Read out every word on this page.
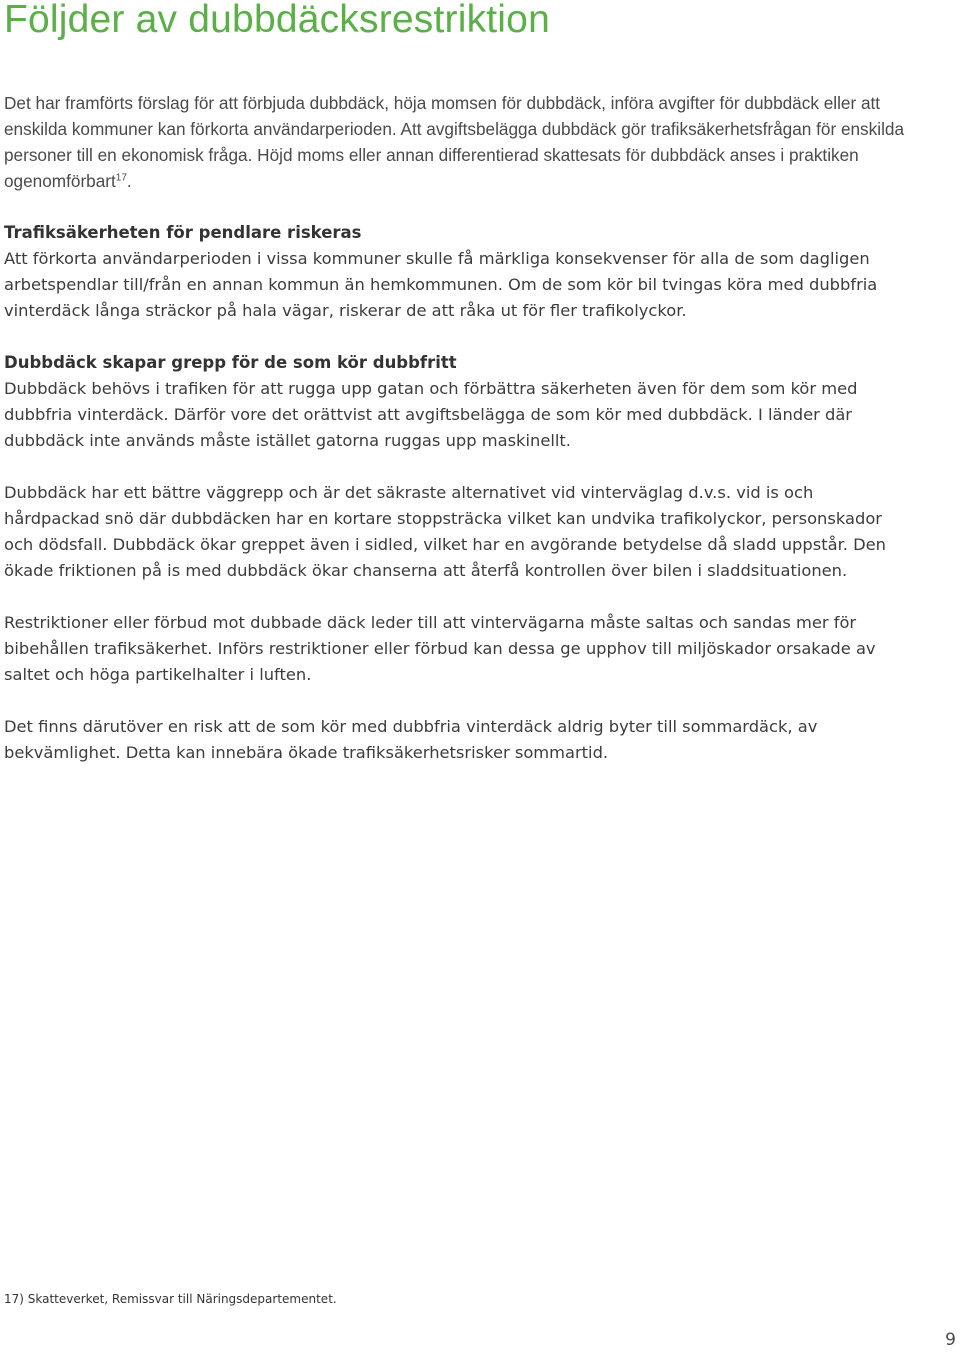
Följder av dubbdäcksrestriktion

Det har framförts förslag för att förbjuda dubbdäck, höja momsen för dubbdäck, införa avgifter för dubbdäck eller att enskilda kommuner kan förkorta användarperioden. Att avgiftsbelägga dubbdäck gör trafiksäkerhetsfrågan för enskilda personer till en ekonomisk fråga. Höjd moms eller annan differentierad skattesats för dubbdäck anses i praktiken ogenomförbart$^{17}$.

Trafiksäkerheten för pendlare riskeras

Att förkorta användarperioden i vissa kommuner skulle få märkliga konsekvenser för alla de som dagligen arbetspendlar till/från en annan kommun än hemkommunen. Om de som kör bil tvingas köra med dubbfria vinterdäck långa sträckor på hala vägar, riskerar de att råka ut för fler trafikolyckor.

Dubbdäck skapar grepp för de som kör dubbfritt

Dubbdäck behövs i trafiken för att rugga upp gatan och förbättra säkerheten även för dem som kör med dubbfria vinterdäck. Därför vore det orättvist att avgiftsbelägga de som kör med dubbdäck. I länder där dubbdäck inte används måste istället gatorna ruggas upp maskinellt.

Dubbdäck har ett bättre väggrepp och är det säkraste alternativet vid vinterväglag d.v.s. vid is och hårdpackad snö där dubbdäcken har en kortare stoppsträcka vilket kan undvika trafikolyckor, personskador och dödsfall. Dubbdäck ökar greppet även i sidled, vilket har en avgörande betydelse då sladd uppstår. Den ökade friktionen på is med dubbdäck ökar chanserna att återfå kontrollen över bilen i sladdsituationen.

Restriktioner eller förbud mot dubbade däck leder till att vintervägarna måste saltas och sandas mer för bibehållen trafiksäkerhet. Införs restriktioner eller förbud kan dessa ge upphov till miljöskador orsakade av saltet och höga partikelhalter i luften.

Det finns därutöver en risk att de som kör med dubbfria vinterdäck aldrig byter till sommardäck, av bekvämlighet. Detta kan innebära ökade trafiksäkerhetsrisker sommartid.

17) Skatteverket, Remissvar till Näringsdepartementet.
9
